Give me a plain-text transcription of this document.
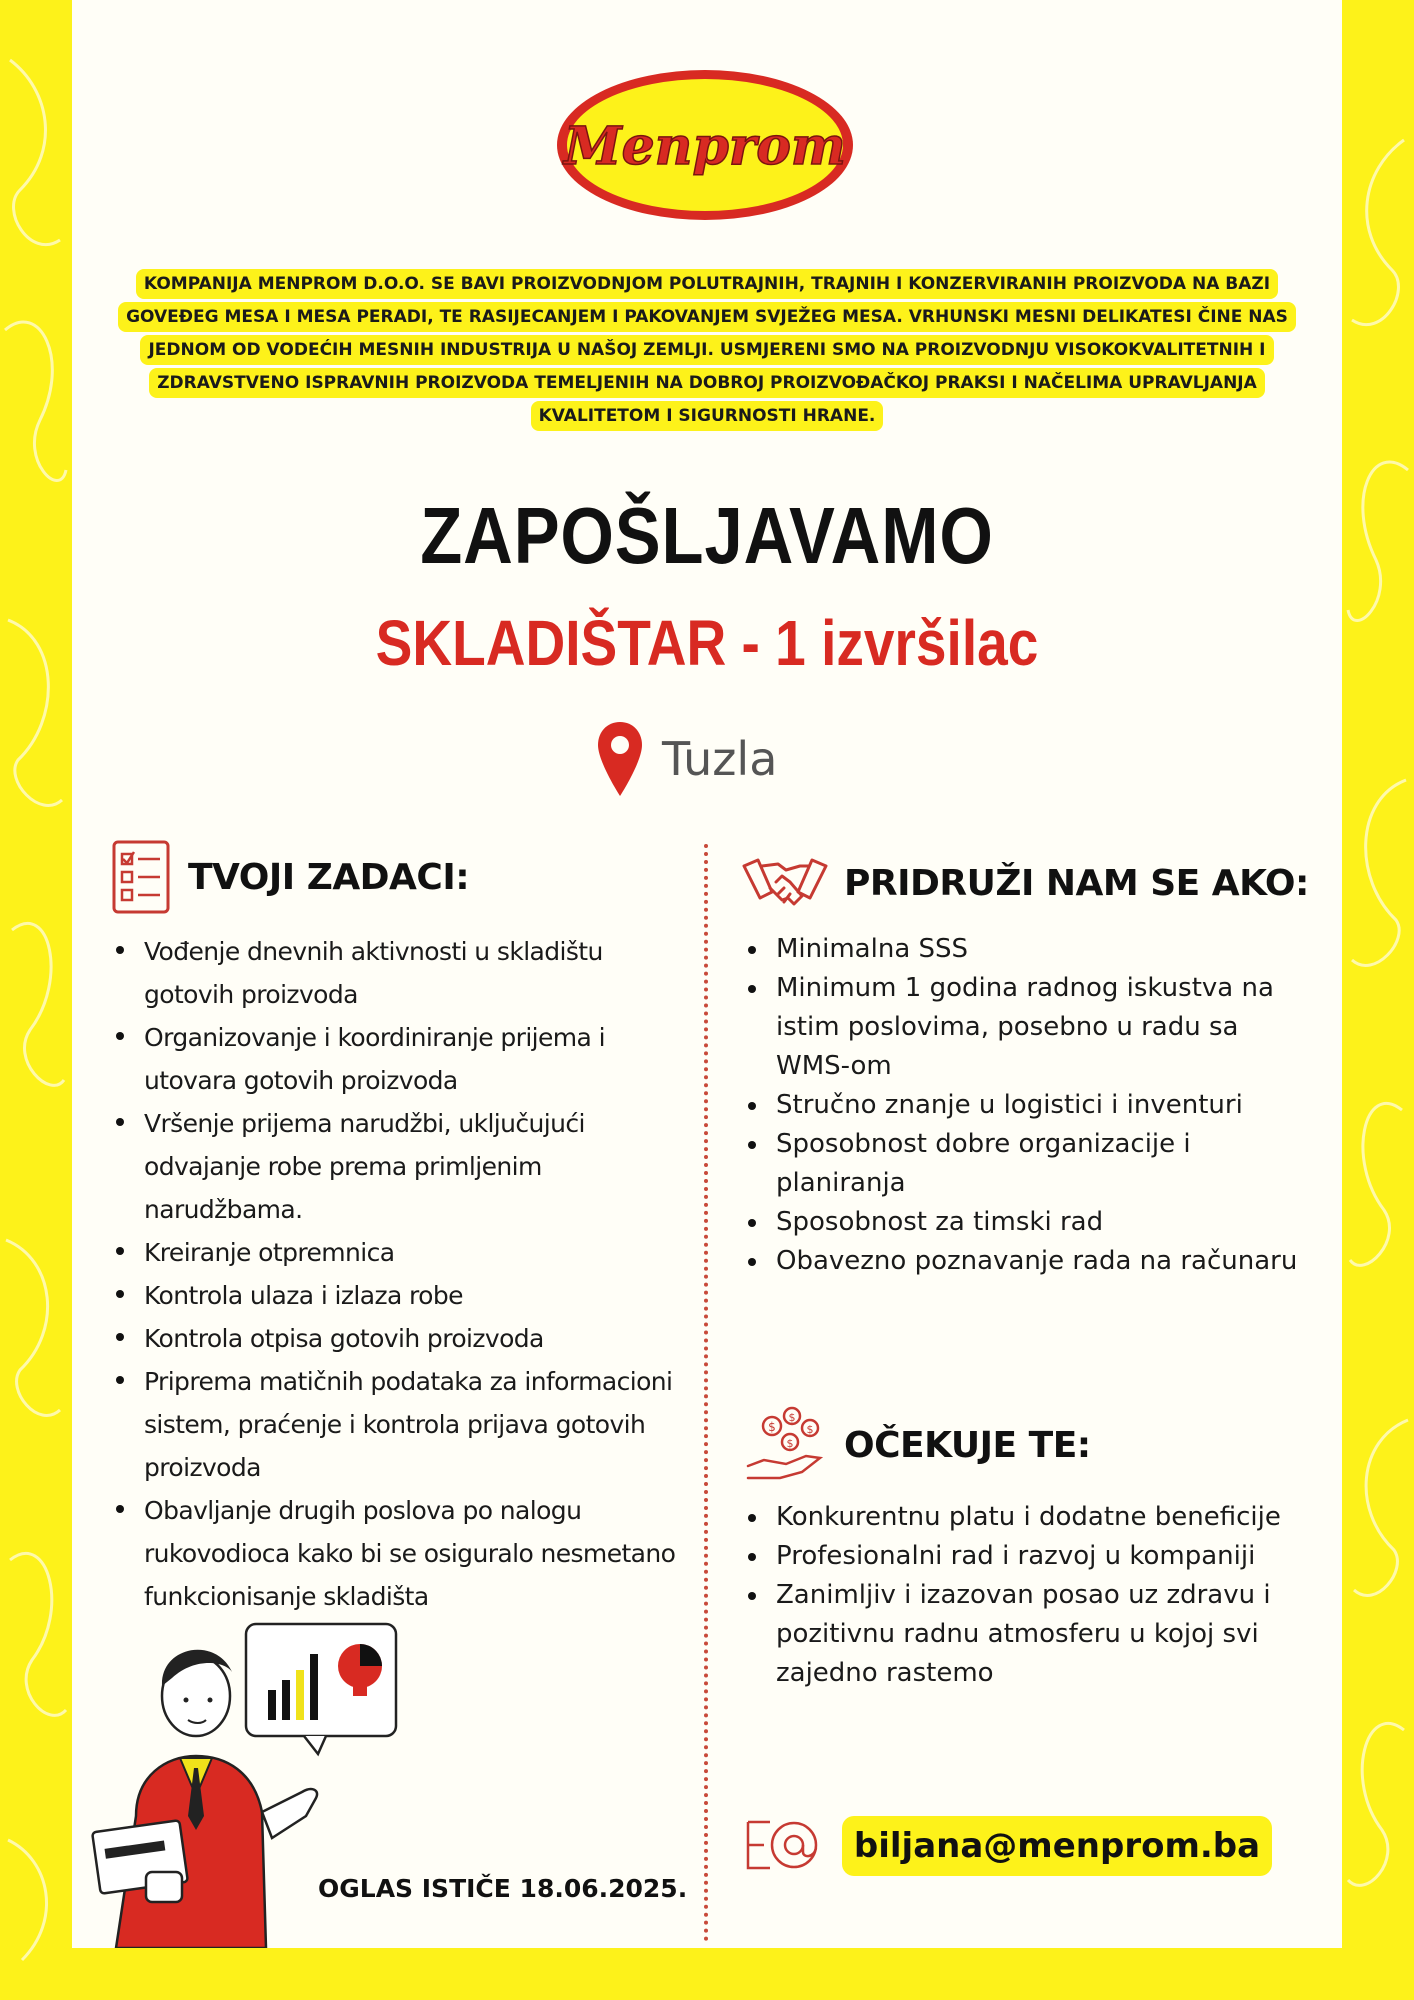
Menprom
KOMPANIJA MENPROM D.O.O. SE BAVI PROIZVODNJOM POLUTRAJNIH, TRAJNIH I KONZERVIRANIH PROIZVODA NA BAZI GOVEĐEG MESA I MESA PERADI, TE RASIJECANJEM I PAKOVANJEM SVJEŽEG MESA. VRHUNSKI MESNI DELIKATESI ČINE NAS JEDNOM OD VODEĆIH MESNIH INDUSTRIJA U NAŠOJ ZEMLJI. USMJERENI SMO NA PROIZVODNJU VISOKOKVALITETNIH I ZDRAVSTVENO ISPRAVNIH PROIZVODA TEMELJENIH NA DOBROJ PROIZVOĐAČKOJ PRAKSI I NAČELIMA UPRAVLJANJA KVALITETOM I SIGURNOSTI HRANE.
ZAPOŠLJAVAMO
SKLADIŠTAR - 1 izvršilac
Tuzla
TVOJI ZADACI:
Vođenje dnevnih aktivnosti u skladištu gotovih proizvoda
Organizovanje i koordiniranje prijema i utovara gotovih proizvoda
Vršenje prijema narudžbi, uključujući odvajanje robe prema primljenim narudžbama.
Kreiranje otpremnica
Kontrola ulaza i izlaza robe
Kontrola otpisa gotovih proizvoda
Priprema matičnih podataka za informacioni sistem, praćenje i kontrola prijava gotovih proizvoda
Obavljanje drugih poslova po nalogu rukovodioca kako bi se osiguralo nesmetano funkcionisanje skladišta
PRIDRUŽI NAM SE AKO:
Minimalna SSS
Minimum 1 godina radnog iskustva na istim poslovima, posebno u radu sa WMS-om
Stručno znanje u logistici i inventuri
Sposobnost dobre organizacije i planiranja
Sposobnost za timski rad
Obavezno poznavanje rada na računaru
$
$
$
$ OČEKUJE TE:
Konkurentnu platu i dodatne beneficije
Profesionalni rad i razvoj u kompaniji
Zanimljiv i izazovan posao uz zdravu i pozitivnu radnu atmosferu u kojoj svi zajedno rastemo
biljana@menprom.ba
OGLAS ISTIČE 18.06.2025.
